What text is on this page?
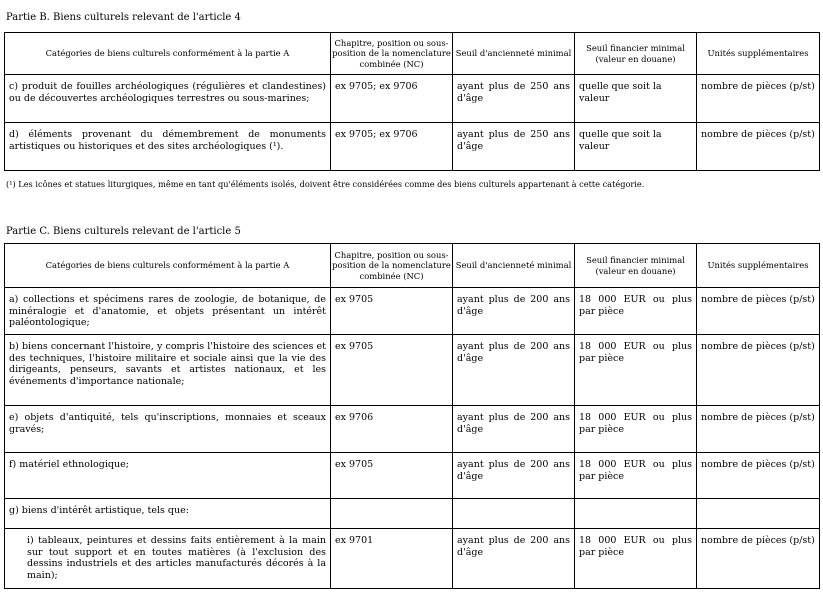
Partie B. Biens culturels relevant de l'article 4
Catégories de biens culturels conformément à la partie A	Chapitre, position ou sous-position de la nomenclature combinée (NC)	Seuil d'ancienneté minimal	Seuil financier minimal (valeur en douane)	Unités supplémentaires
c) produit de fouilles archéologiques (régulières et clandestines) ou de découvertes archéologiques terrestres ou sous-marines;	ex 9705; ex 9706	ayant plus de 250 ans d'âge	quelle que soit la valeur	nombre de pièces (p/st)
d) éléments provenant du démembrement de monuments artistiques ou historiques et des sites archéologiques (¹).	ex 9705; ex 9706	ayant plus de 250 ans d'âge	quelle que soit la valeur	nombre de pièces (p/st)
(¹) Les icônes et statues liturgiques, même en tant qu'éléments isolés, doivent être considérées comme des biens culturels appartenant à cette catégorie.
Partie C. Biens culturels relevant de l'article 5
Catégories de biens culturels conformément à la partie A	Chapitre, position ou sous-position de la nomenclature combinée (NC)	Seuil d'ancienneté minimal	Seuil financier minimal (valeur en douane)	Unités supplémentaires
a) collections et spécimens rares de zoologie, de botanique, de minéralogie et d'anatomie, et objets présentant un intérêt paléontologique;	ex 9705	ayant plus de 200 ans d'âge	18 000 EUR ou plus par pièce	nombre de pièces (p/st)
b) biens concernant l'histoire, y compris l'histoire des sciences et des techniques, l'histoire militaire et sociale ainsi que la vie des dirigeants, penseurs, savants et artistes nationaux, et les événements d'importance nationale;	ex 9705	ayant plus de 200 ans d'âge	18 000 EUR ou plus par pièce	nombre de pièces (p/st)
e) objets d'antiquité, tels qu'inscriptions, monnaies et sceaux gravés;	ex 9706	ayant plus de 200 ans d'âge	18 000 EUR ou plus par pièce	nombre de pièces (p/st)
f) matériel ethnologique;	ex 9705	ayant plus de 200 ans d'âge	18 000 EUR ou plus par pièce	nombre de pièces (p/st)
g) biens d'intérêt artistique, tels que:				
i) tableaux, peintures et dessins faits entièrement à la main sur tout support et en toutes matières (à l'exclusion des dessins industriels et des articles manufacturés décorés à la main);	ex 9701	ayant plus de 200 ans d'âge	18 000 EUR ou plus par pièce	nombre de pièces (p/st)
